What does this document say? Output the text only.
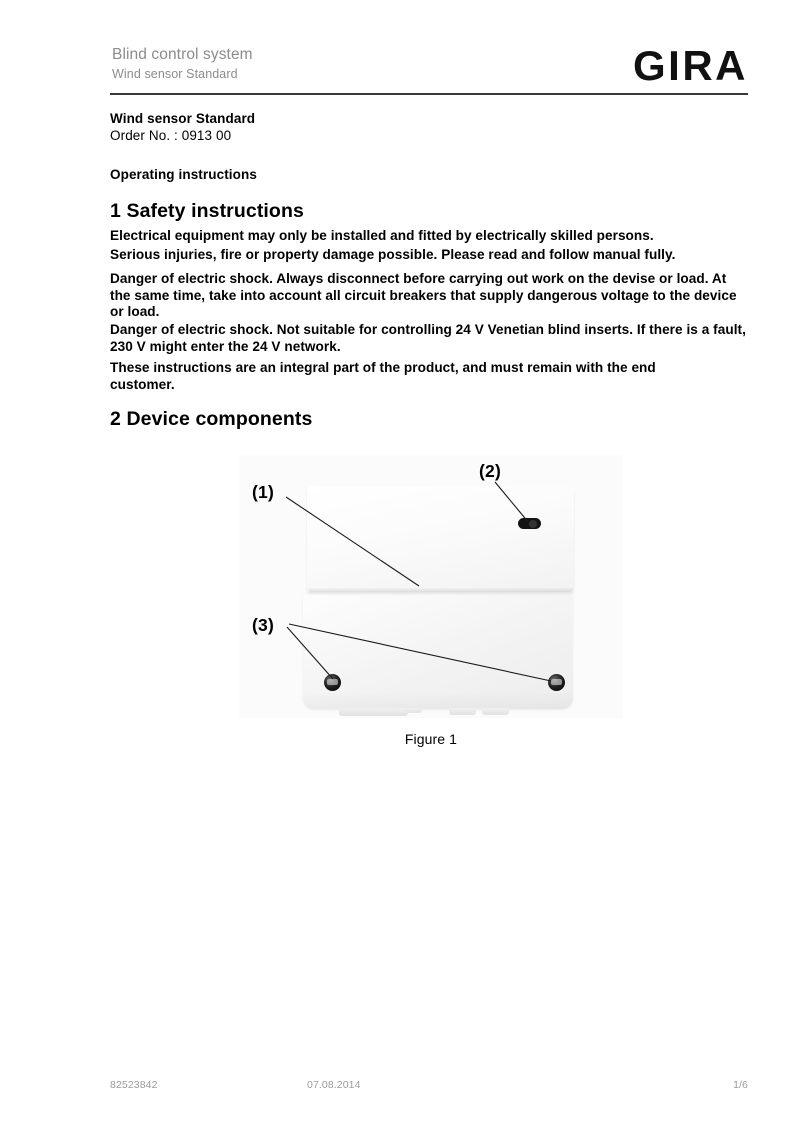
Blind control system
Wind sensor Standard	GIRA
Wind sensor Standard
Order No. : 0913 00
Operating instructions
1 Safety instructions
Electrical equipment may only be installed and fitted by electrically skilled persons.
Serious injuries, fire or property damage possible. Please read and follow manual fully.
Danger of electric shock. Always disconnect before carrying out work on the devise or load. At the same time, take into account all circuit breakers that supply dangerous voltage to the device or load.
Danger of electric shock. Not suitable for controlling 24 V Venetian blind inserts. If there is a fault, 230 V might enter the 24 V network.
These instructions are an integral part of the product, and must remain with the end customer.
2 Device components
(1)
(2)
(3)
Figure 1
82523842	07.08.2014	1/6
